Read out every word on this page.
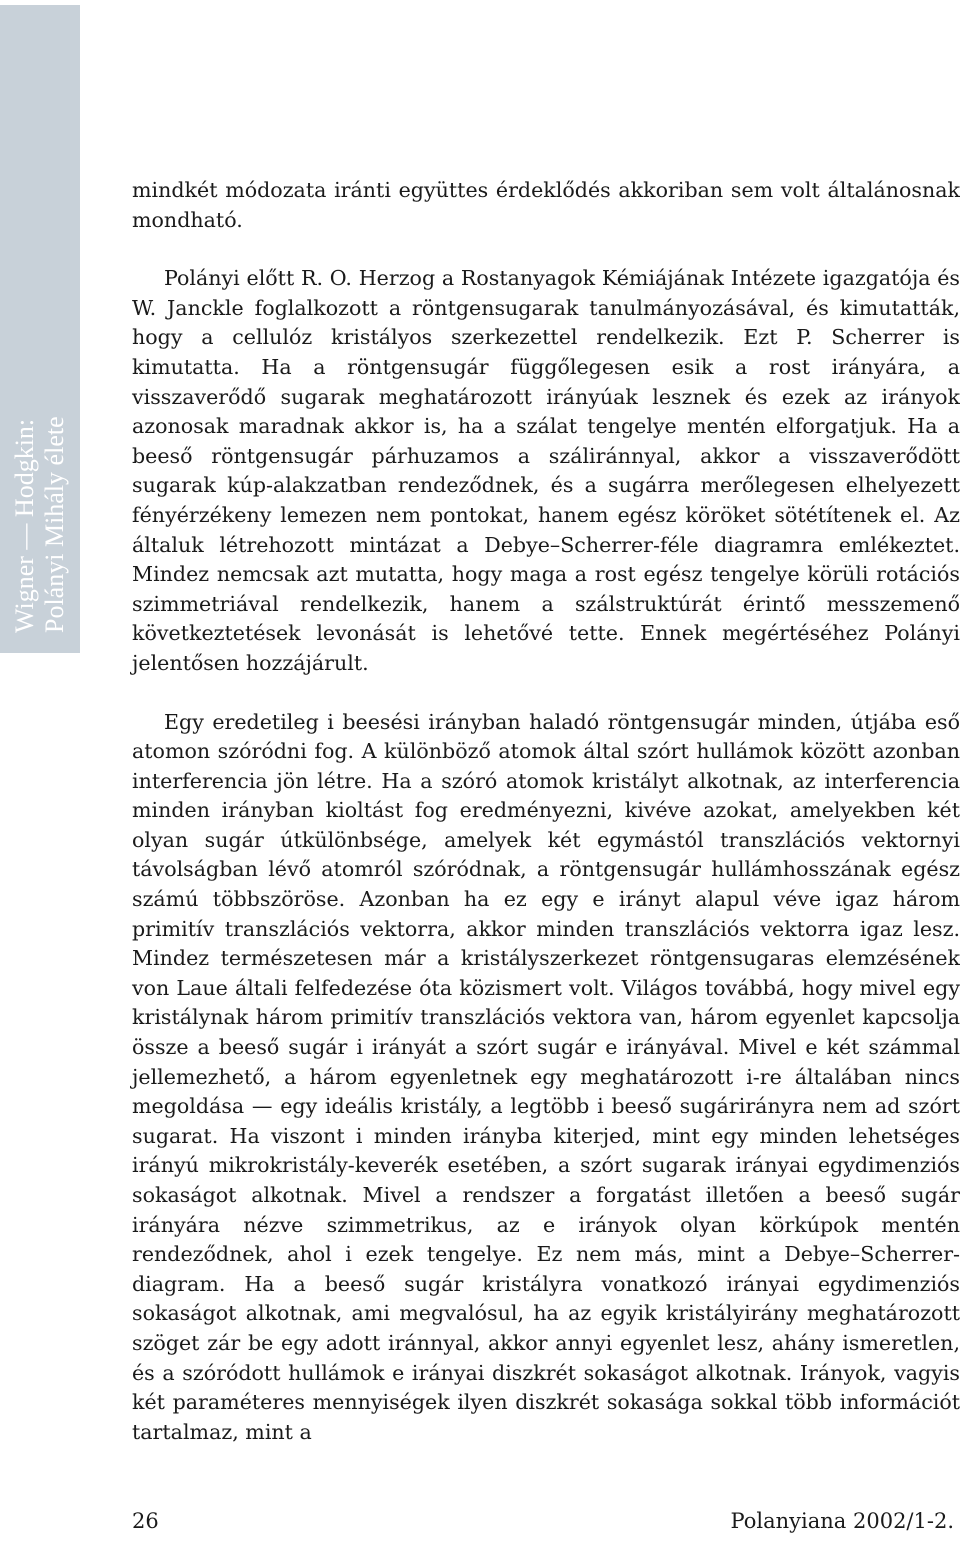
Wigner — Hodgkin: Polányi Mihály élete

mindkét módozata iránti együttes érdeklődés akkoriban sem volt általánosnak mondható.

Polányi előtt R. O. Herzog a Rostanyagok Kémiájának Intézete igazgatója és W. Janckle foglalkozott a röntgensugarak tanulmányozásával, és kimutatták, hogy a cellulóz kristályos szerkezettel rendelkezik. Ezt P. Scherrer is kimutatta. Ha a röntgensugár függőlegesen esik a rost irányára, a visszaverődő sugarak meghatározott irányúak lesznek és ezek az irányok azonosak maradnak akkor is, ha a szálat tengelye mentén elforgatjuk. Ha a beeső röntgensugár párhuzamos a száliránnyal, akkor a visszaverődött sugarak kúp-alakzatban rendeződnek, és a sugárra merőlegesen elhelyezett fényérzékeny lemezen nem pontokat, hanem egész köröket sötétítenek el. Az általuk létrehozott mintázat a Debye–Scherrer-féle diagramra emlékeztet. Mindez nemcsak azt mutatta, hogy maga a rost egész tengelye körüli rotációs szimmetriával rendelkezik, hanem a szálstruktúrát érintő messzemenő következtetések levonását is lehetővé tette. Ennek megértéséhez Polányi jelentősen hozzájárult.

Egy eredetileg i beesési irányban haladó röntgensugár minden, útjába eső atomon szóródni fog. A különböző atomok által szórt hullámok között azonban interferencia jön létre. Ha a szóró atomok kristályt alkotnak, az interferencia minden irányban kioltást fog eredményezni, kivéve azokat, amelyekben két olyan sugár útkülönbsége, amelyek két egymástól transzlációs vektornyi távolságban lévő atomról szóródnak, a röntgensugár hullámhosszának egész számú többszöröse. Azonban ha ez egy e irányt alapul véve igaz három primitív transzlációs vektorra, akkor minden transzlációs vektorra igaz lesz. Mindez természetesen már a kristályszerkezet röntgensugaras elemzésének von Laue általi felfedezése óta közismert volt. Világos továbbá, hogy mivel egy kristálynak három primitív transzlációs vektora van, három egyenlet kapcsolja össze a beeső sugár i irányát a szórt sugár e irányával. Mivel e két számmal jellemezhető, a három egyenletnek egy meghatározott i-re általában nincs megoldása — egy ideális kristály, a legtöbb i beeső sugárirányra nem ad szórt sugarat. Ha viszont i minden irányba kiterjed, mint egy minden lehetséges irányú mikrokristály-keverék esetében, a szórt sugarak irányai egydimenziós sokaságot alkotnak. Mivel a rendszer a forgatást illetően a beeső sugár irányára nézve szimmetrikus, az e irányok olyan körkúpok mentén rendeződnek, ahol i ezek tengelye. Ez nem más, mint a Debye–Scherrer-diagram. Ha a beeső sugár kristályra vonatkozó irányai egydimenziós sokaságot alkotnak, ami megvalósul, ha az egyik kristályirány meghatározott szöget zár be egy adott iránnyal, akkor annyi egyenlet lesz, ahány ismeretlen, és a szóródott hullámok e irányai diszkrét sokaságot alkotnak. Irányok, vagyis két paraméteres mennyiségek ilyen diszkrét sokasága sokkal több információt tartalmaz, mint a

26	Polanyiana 2002/1-2.
